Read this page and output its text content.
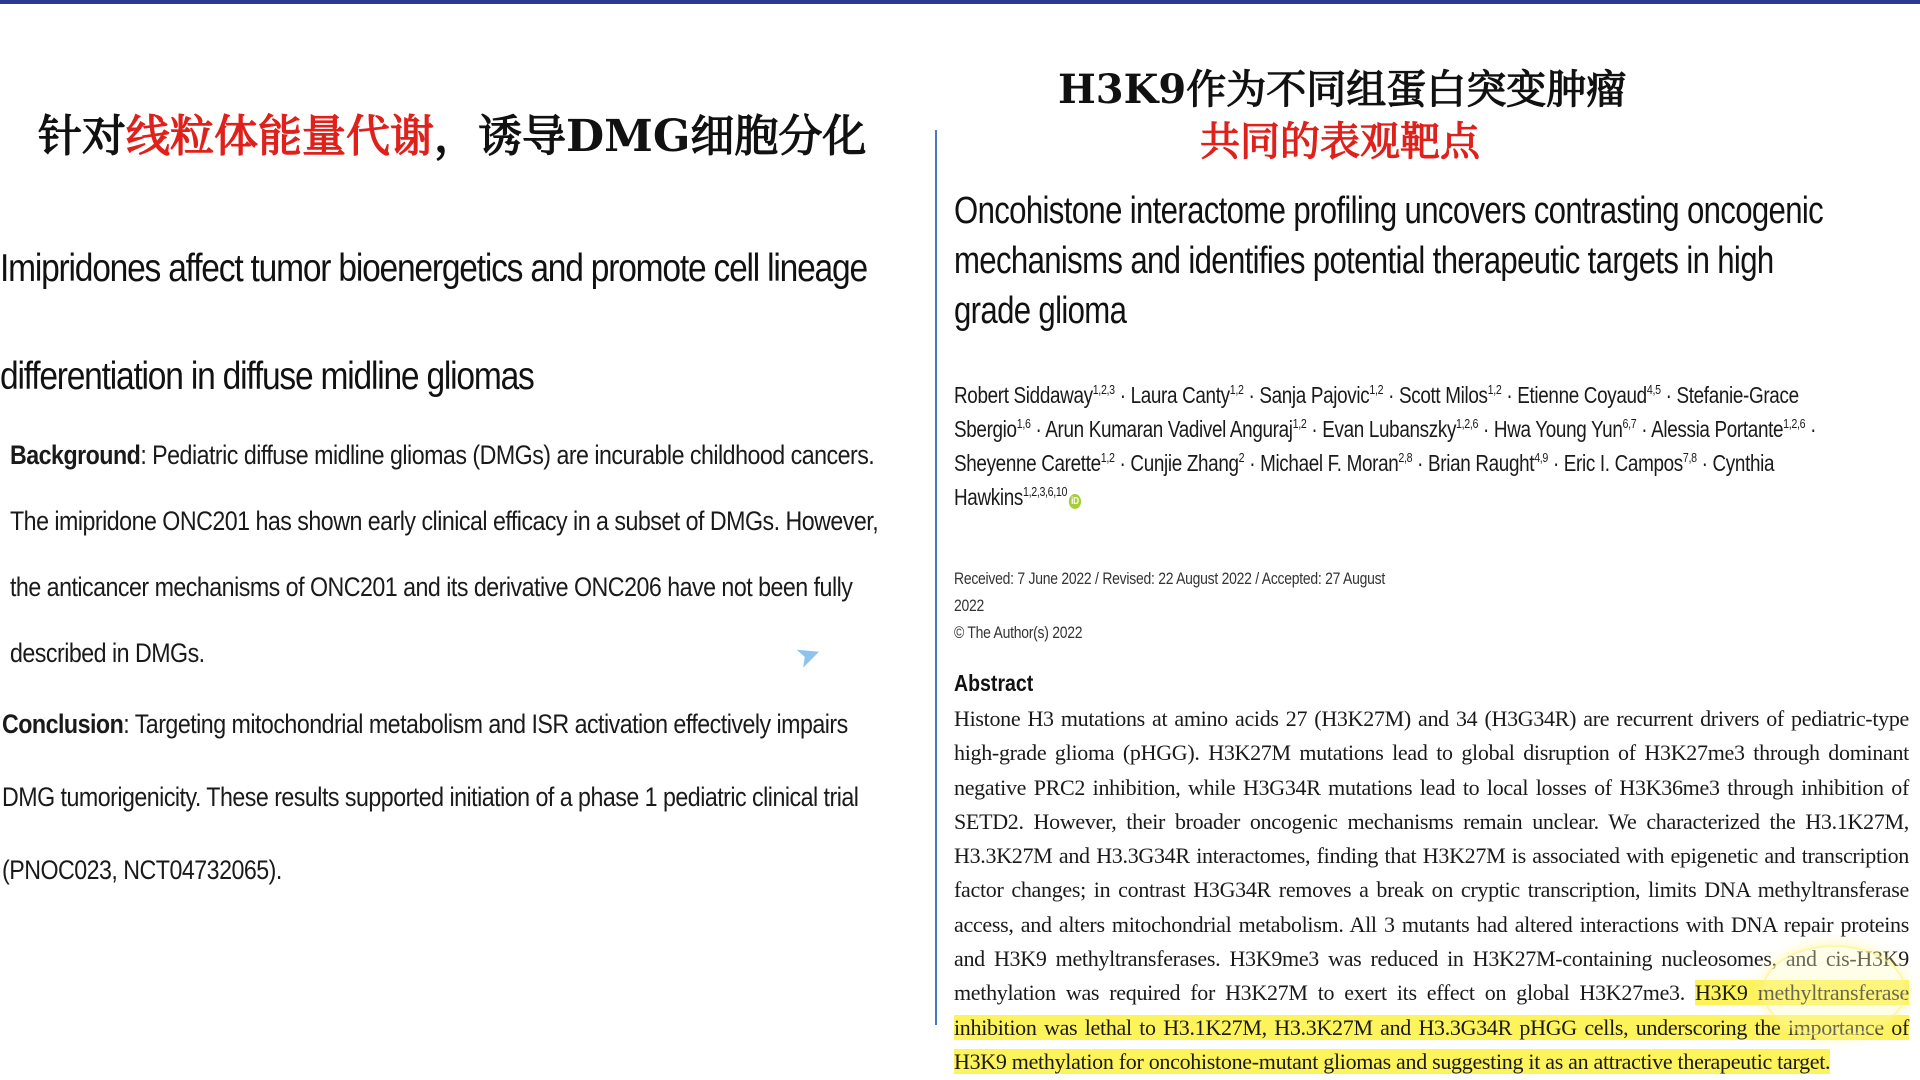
针对线粒体能量代谢，诱导DMG细胞分化
Imipridones affect tumor bioenergetics and promote cell lineage differentiation in diffuse midline gliomas
Background: Pediatric diffuse midline gliomas (DMGs) are incurable childhood cancers. The imipridone ONC201 has shown early clinical efficacy in a subset of DMGs. However, the anticancer mechanisms of ONC201 and its derivative ONC206 have not been fully described in DMGs.	➤
Conclusion: Targeting mitochondrial metabolism and ISR activation effectively impairs DMG tumorigenicity. These results supported initiation of a phase 1 pediatric clinical trial (PNOC023, NCT04732065).
H3K9作为不同组蛋白突变肿瘤
共同的表观靶点
Oncohistone interactome profiling uncovers contrasting oncogenic mechanisms and identifies potential therapeutic targets in high grade glioma
Robert Siddaway$^{1,2,3}$ · Laura Canty$^{1,2}$ · Sanja Pajovic$^{1,2}$ · Scott Milos$^{1,2}$ · Etienne Coyaud$^{4,5}$ · Stefanie-Grace Sbergio$^{1,6}$ · Arun Kumaran Vadivel Anguraj$^{1,2}$ · Evan Lubanszky$^{1,2,6}$ · Hwa Young Yun$^{6,7}$ · Alessia Portante$^{1,2,6}$ · Sheyenne Carette$^{1,2}$ · Cunjie Zhang$^2$ · Michael F. Moran$^{2,8}$ · Brian Raught$^{4,9}$ · Eric I. Campos$^{7,8}$ · Cynthia Hawkins$^{1,2,3,6,10}$iD
Received: 7 June 2022 / Revised: 22 August 2022 / Accepted: 27 August 2022
© The Author(s) 2022
Abstract
Histone H3 mutations at amino acids 27 (H3K27M) and 34 (H3G34R) are recurrent drivers of pediatric-type high-grade glioma (pHGG). H3K27M mutations lead to global disruption of H3K27me3 through dominant negative PRC2 inhibition, while H3G34R mutations lead to local losses of H3K36me3 through inhibition of SETD2. However, their broader oncogenic mechanisms remain unclear. We characterized the H3.1K27M, H3.3K27M and H3.3G34R interactomes, finding that H3K27M is associated with epigenetic and transcription factor changes; in contrast H3G34R removes a break on cryptic transcription, limits DNA methyltransferase access, and alters mitochondrial metabolism. All 3 mutants had altered interactions with DNA repair proteins and H3K9 methyltransferases. H3K9me3 was reduced in H3K27M-containing nucleosomes, and cis-H3K9 methylation was required for H3K27M to exert its effect on global H3K27me3. H3K9 methyltransferase inhibition was lethal to H3.1K27M, H3.3K27M and H3.3G34R pHGG cells, underscoring the importance of H3K9 methylation for oncohistone-mutant gliomas and suggesting it as an attractive therapeutic target.
